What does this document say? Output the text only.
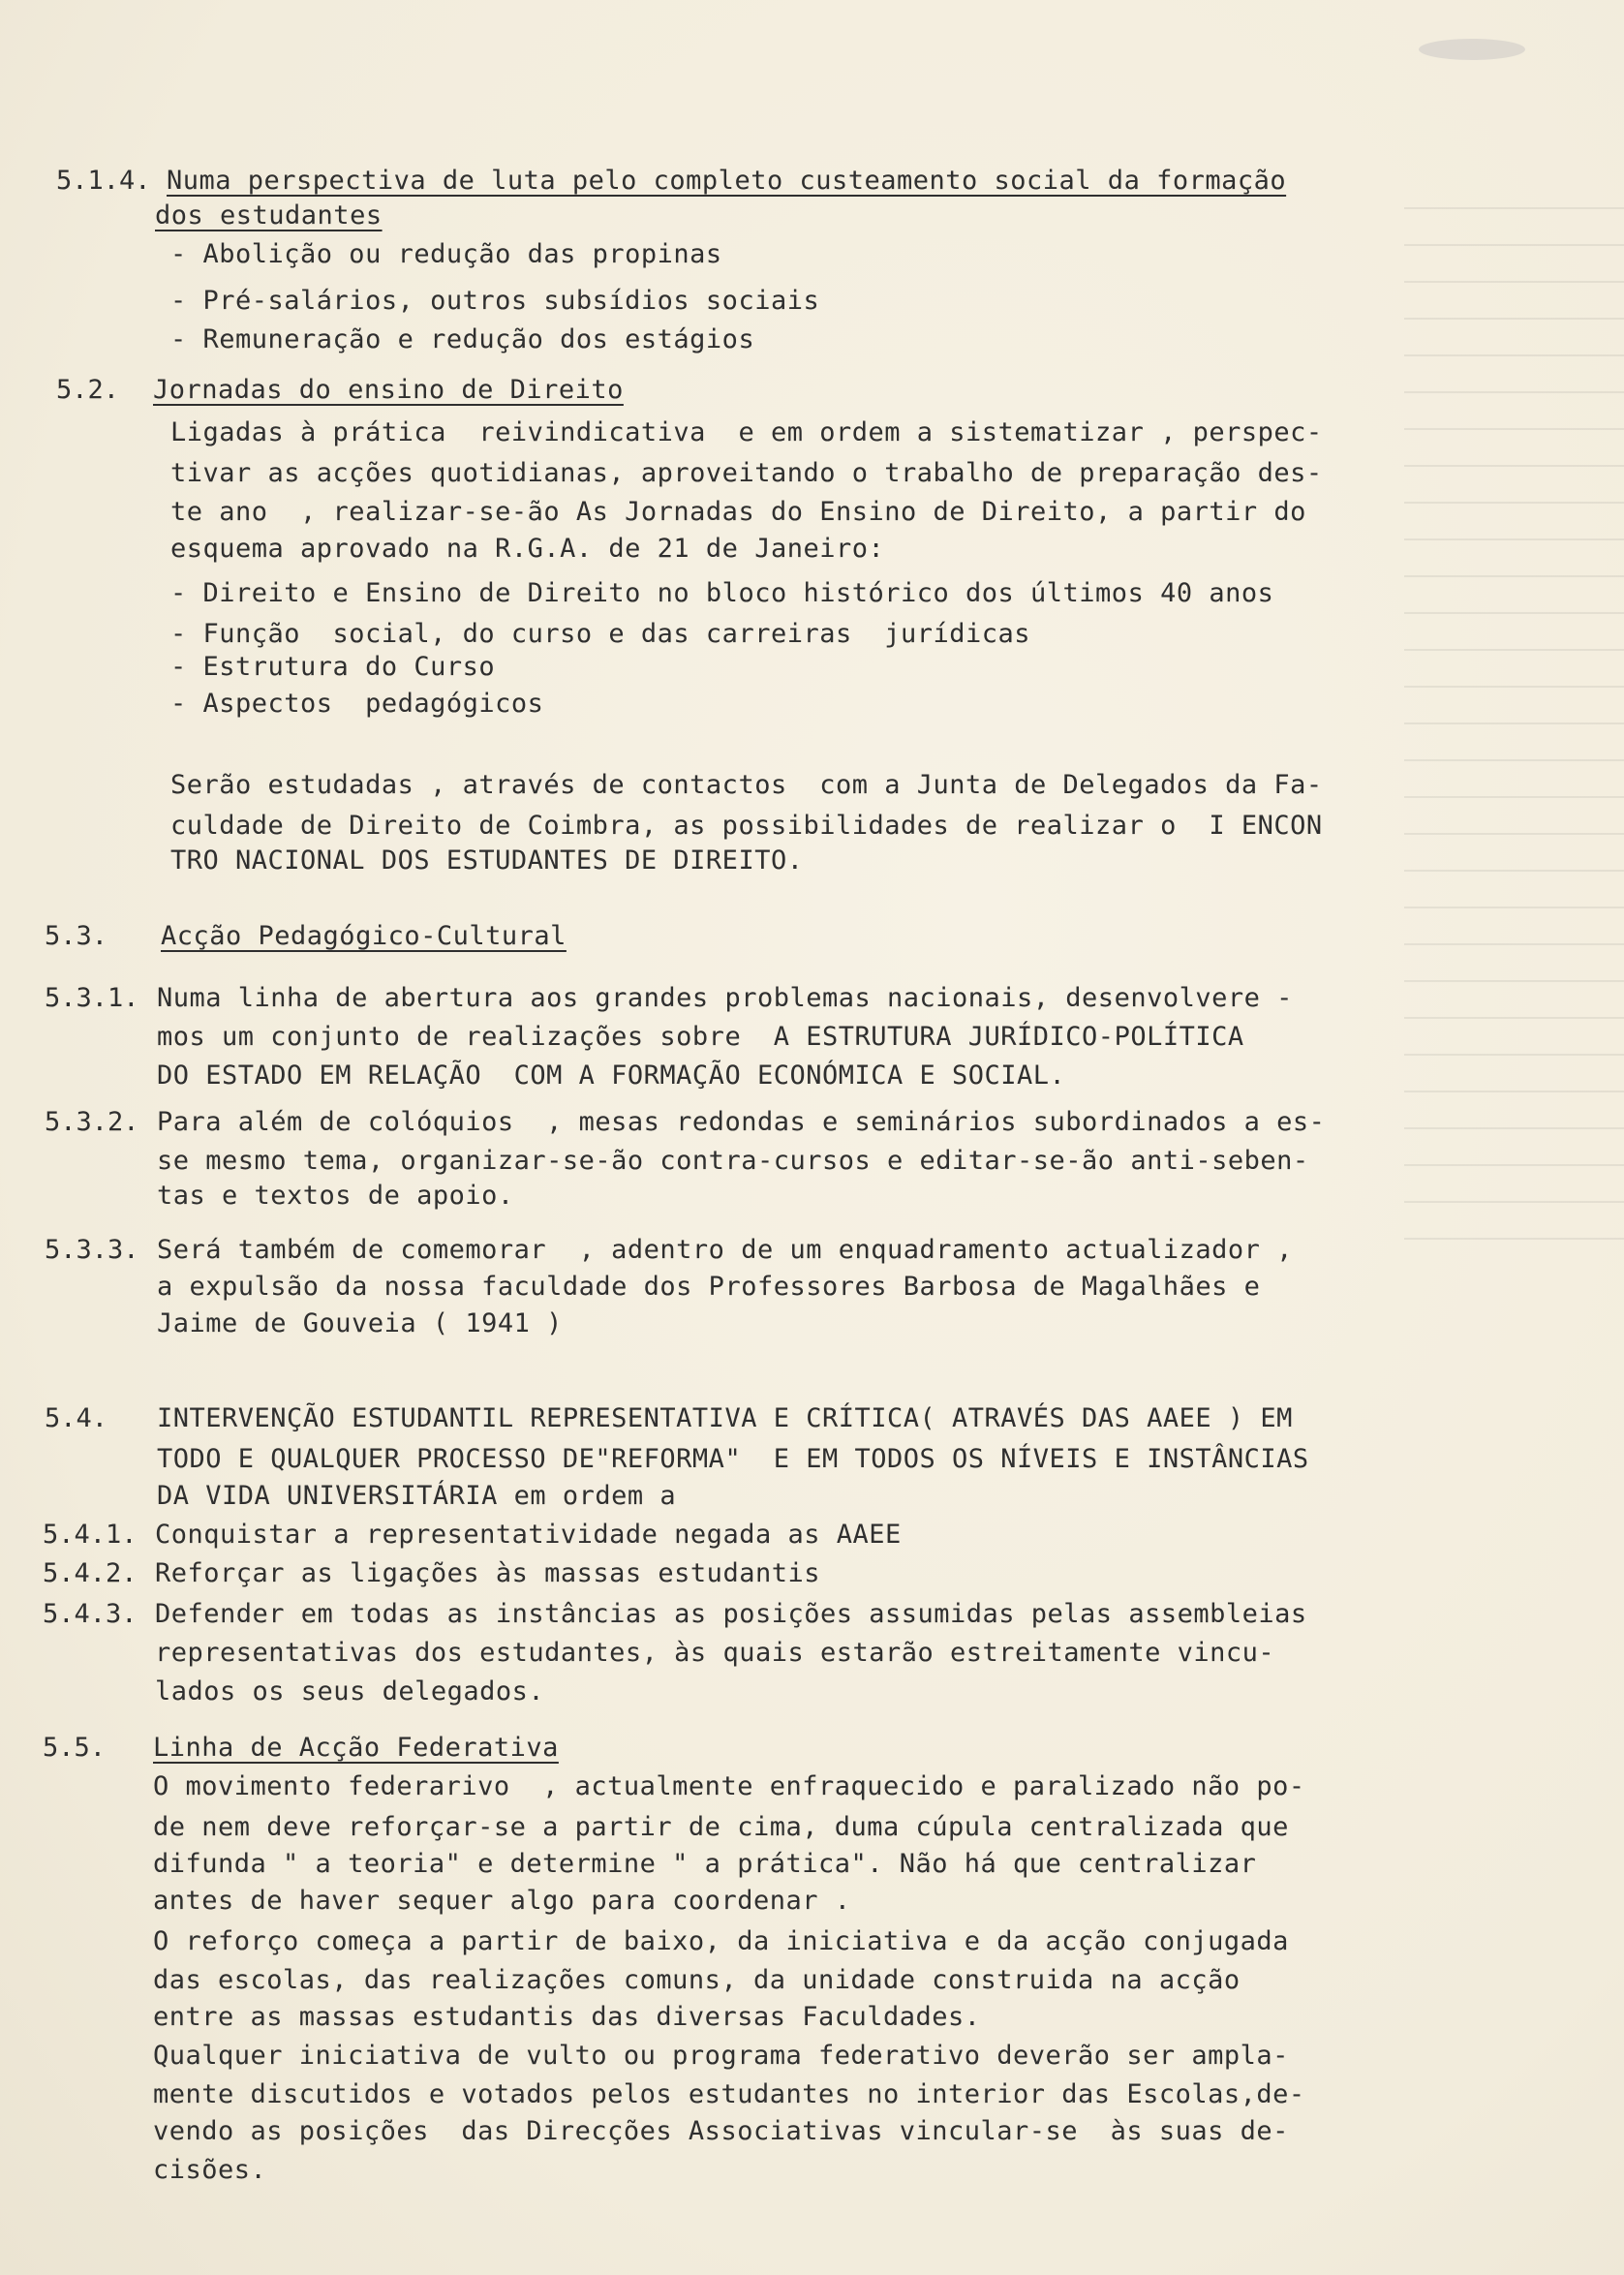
5.1.4. Numa perspectiva de luta pelo completo custeamento social da formação
dos estudantes
- Abolição ou redução das propinas
- Pré-salários, outros subsídios sociais
- Remuneração e redução dos estágios
5.2. Jornadas do ensino de Direito
Ligadas à prática  reivindicativa  e em ordem a sistematizar , perspec-
tivar as acções quotidianas, aproveitando o trabalho de preparação des-
te ano  , realizar-se-ão As Jornadas do Ensino de Direito, a partir do
esquema aprovado na R.G.A. de 21 de Janeiro:
- Direito e Ensino de Direito no bloco histórico dos últimos 40 anos
- Função  social, do curso e das carreiras  jurídicas
- Estrutura do Curso
- Aspectos  pedagógicos
Serão estudadas , através de contactos  com a Junta de Delegados da Fa-
culdade de Direito de Coimbra, as possibilidades de realizar o  I ENCON
TRO NACIONAL DOS ESTUDANTES DE DIREITO.
5.3. Acção Pedagógico-Cultural
5.3.1. Numa linha de abertura aos grandes problemas nacionais, desenvolvere -
mos um conjunto de realizações sobre  A ESTRUTURA JURÍDICO-POLÍTICA
DO ESTADO EM RELAÇÃO  COM A FORMAÇÃO ECONÓMICA E SOCIAL.
5.3.2. Para além de colóquios  , mesas redondas e seminários subordinados a es-
se mesmo tema, organizar-se-ão contra-cursos e editar-se-ão anti-seben-
tas e textos de apoio.
5.3.3. Será também de comemorar  , adentro de um enquadramento actualizador ,
a expulsão da nossa faculdade dos Professores Barbosa de Magalhães e
Jaime de Gouveia ( 1941 )
5.4. INTERVENÇÃO ESTUDANTIL REPRESENTATIVA E CRÍTICA( ATRAVÉS DAS AAEE ) EM
TODO E QUALQUER PROCESSO DE"REFORMA"  E EM TODOS OS NÍVEIS E INSTÂNCIAS
DA VIDA UNIVERSITÁRIA em ordem a
5.4.1. Conquistar a representatividade negada as AAEE
5.4.2. Reforçar as ligações às massas estudantis
5.4.3. Defender em todas as instâncias as posições assumidas pelas assembleias
representativas dos estudantes, às quais estarão estreitamente vincu-
lados os seus delegados.
5.5. Linha de Acção Federativa
O movimento federarivo  , actualmente enfraquecido e paralizado não po-
de nem deve reforçar-se a partir de cima, duma cúpula centralizada que
difunda " a teoria" e determine " a prática". Não há que centralizar
antes de haver sequer algo para coordenar .
O reforço começa a partir de baixo, da iniciativa e da acção conjugada
das escolas, das realizações comuns, da unidade construida na acção
entre as massas estudantis das diversas Faculdades.
Qualquer iniciativa de vulto ou programa federativo deverão ser ampla-
mente discutidos e votados pelos estudantes no interior das Escolas,de-
vendo as posições  das Direcções Associativas vincular-se  às suas de-
cisões.
